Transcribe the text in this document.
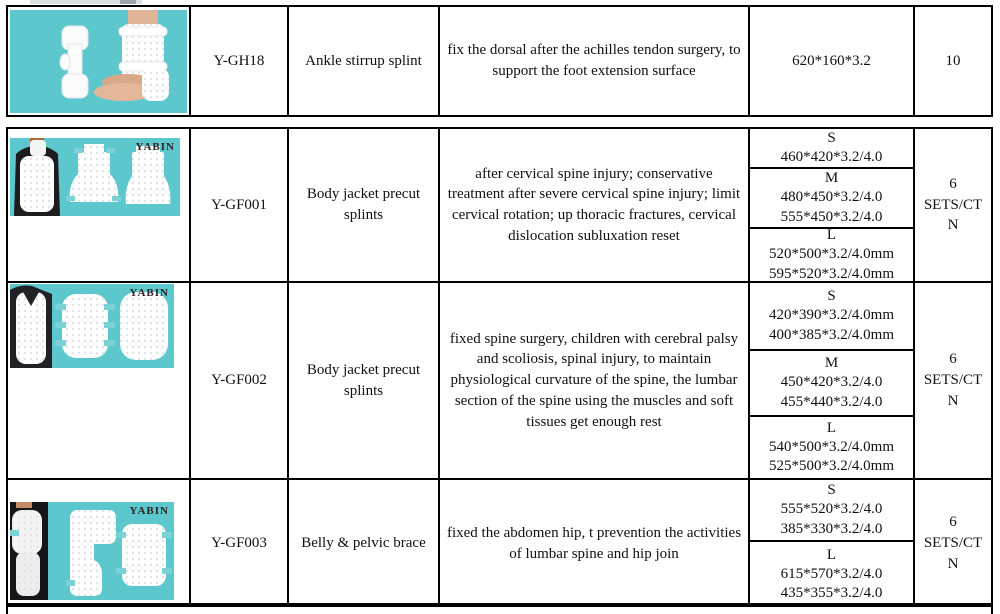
Y-GH18	Ankle stirrup splint
fix the dorsal after the achilles tendon surgery, to support the foot extension surface
620*160*3.2	10
YABIN
Y-GF001
Body jacket precut splints
after cervical spine injury; conservative treatment after severe cervical spine injury; limit cervical rotation; up thoracic fractures, cervical dislocation subluxation reset
S
460*420*3.2/4.0
M
480*450*3.2/4.0
555*450*3.2/4.0
L
520*500*3.2/4.0mm
595*520*3.2/4.0mm
6 SETS/CTN
YABIN
Y-GF002
Body jacket precut splints
fixed spine surgery, children with cerebral palsy and scoliosis, spinal injury, to maintain physiological curvature of the spine, the lumbar section of the spine using the muscles and soft tissues get enough rest
S
420*390*3.2/4.0mm
400*385*3.2/4.0mm
M
450*420*3.2/4.0
455*440*3.2/4.0
L
540*500*3.2/4.0mm
525*500*3.2/4.0mm
6 SETS/CTN
YABIN
Y-GF003 Belly & pelvic brace
fixed the abdomen hip, t prevention the activities of lumbar spine and hip join
S
555*520*3.2/4.0
385*330*3.2/4.0
L
615*570*3.2/4.0
435*355*3.2/4.0
6 SETS/CTN
